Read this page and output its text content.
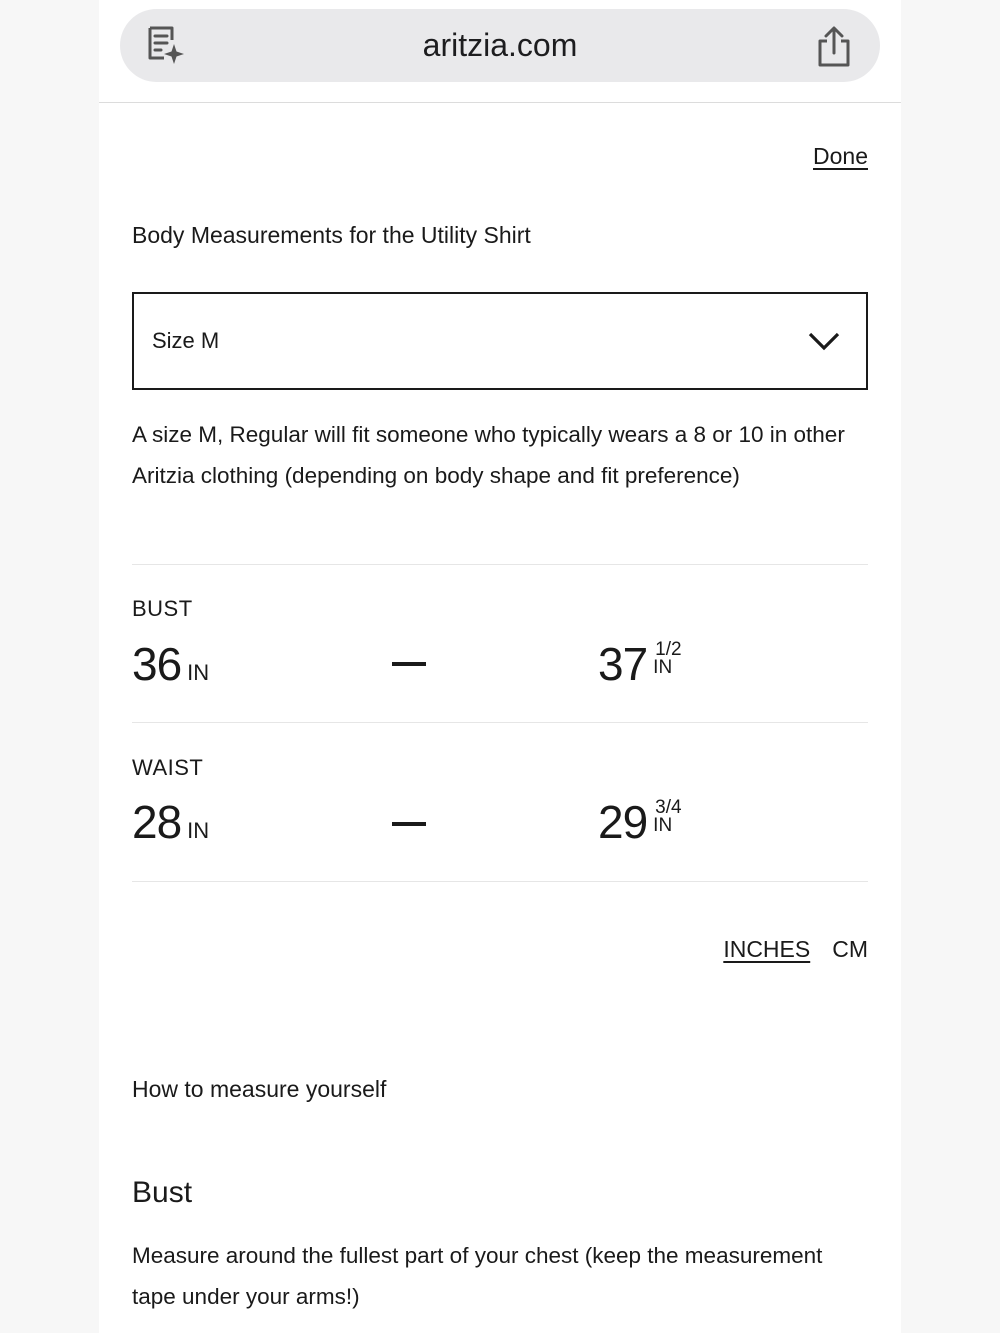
aritzia.com
Done
Body Measurements for the Utility Shirt
Size M
A size M, Regular will fit someone who typically wears a 8 or 10 in other Aritzia clothing (depending on body shape and fit preference)
BUST
36 IN	37 1/2
IN
WAIST
28 IN	29 3/4
IN
INCHES CM
How to measure yourself
Bust
Measure around the fullest part of your chest (keep the measurement tape under your arms!)
